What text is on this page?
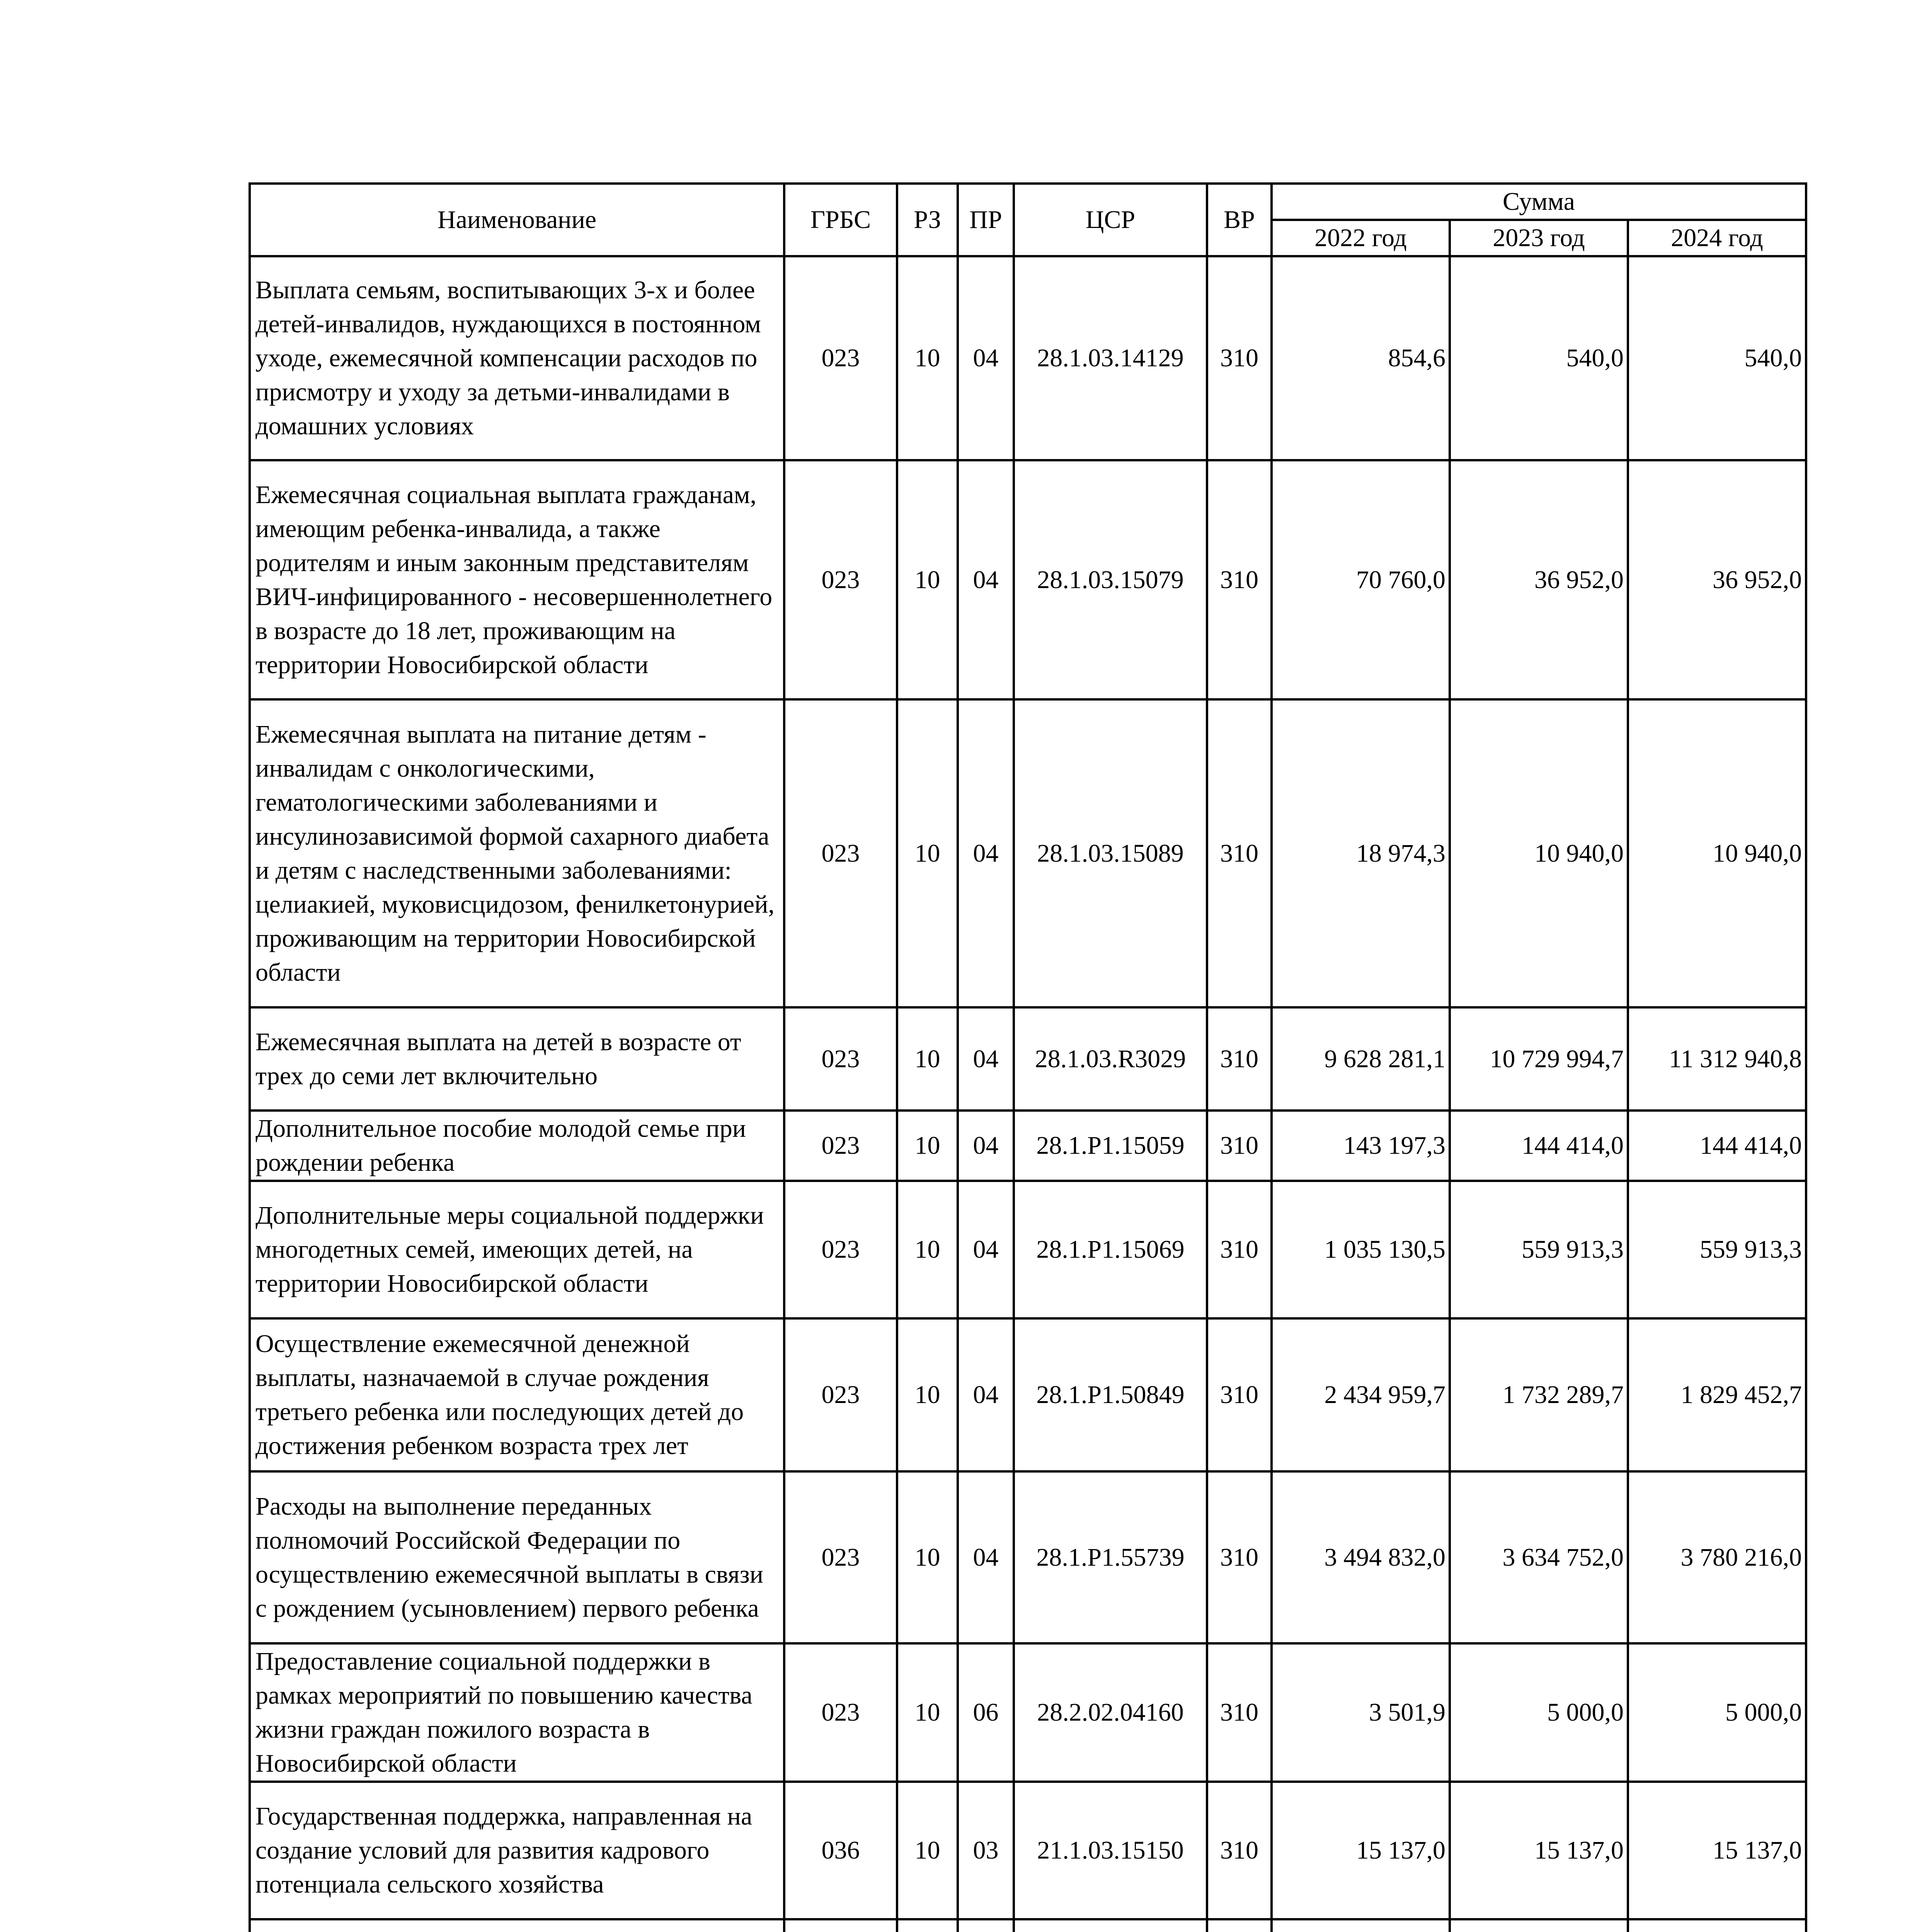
Наименование	ГРБС	РЗ	ПР	ЦСР	ВР	Сумма		
						2022 год	2023 год	2024 год
Выплата семьям, воспитывающих 3-х и более детей-инвалидов, нуждающихся в постоянном уходе, ежемесячной компенсации расходов по присмотру и уходу за детьми-инвалидами в домашних условиях	023	10	04	28.1.03.14129	310	854,6	540,0	540,0
Ежемесячная социальная выплата гражданам, имеющим ребенка-инвалида, а также родителям и иным законным представителям ВИЧ-инфицированного - несовершеннолетнего в возрасте до 18 лет, проживающим на территории Новосибирской области	023	10	04	28.1.03.15079	310	70 760,0	36 952,0	36 952,0
Ежемесячная выплата на питание детям - инвалидам с онкологическими, гематологическими заболеваниями и инсулинозависимой формой сахарного диабета и детям с наследственными заболеваниями: целиакией, муковисцидозом, фенилкетонурией, проживающим на территории Новосибирской области	023	10	04	28.1.03.15089	310	18 974,3	10 940,0	10 940,0
Ежемесячная выплата на детей в возрасте от трех до семи лет включительно	023	10	04	28.1.03.R3029	310	9 628 281,1	10 729 994,7	11 312 940,8
Дополнительное пособие молодой семье при рождении ребенка	023	10	04	28.1.P1.15059	310	143 197,3	144 414,0	144 414,0
Дополнительные меры социальной поддержки многодетных семей, имеющих детей, на территории Новосибирской области	023	10	04	28.1.P1.15069	310	1 035 130,5	559 913,3	559 913,3
Осуществление ежемесячной денежной выплаты, назначаемой в случае рождения третьего ребенка или последующих детей до достижения ребенком возраста трех лет	023	10	04	28.1.P1.50849	310	2 434 959,7	1 732 289,7	1 829 452,7
Расходы на выполнение переданных полномочий Российской Федерации по осуществлению ежемесячной выплаты в связи с рождением (усыновлением) первого ребенка	023	10	04	28.1.P1.55739	310	3 494 832,0	3 634 752,0	3 780 216,0
Предоставление социальной поддержки в рамках мероприятий по повышению качества жизни граждан пожилого возраста в Новосибирской области	023	10	06	28.2.02.04160	310	3 501,9	5 000,0	5 000,0
Государственная поддержка, направленная на создание условий для развития кадрового потенциала сельского хозяйства	036	10	03	21.1.03.15150	310	15 137,0	15 137,0	15 137,0
